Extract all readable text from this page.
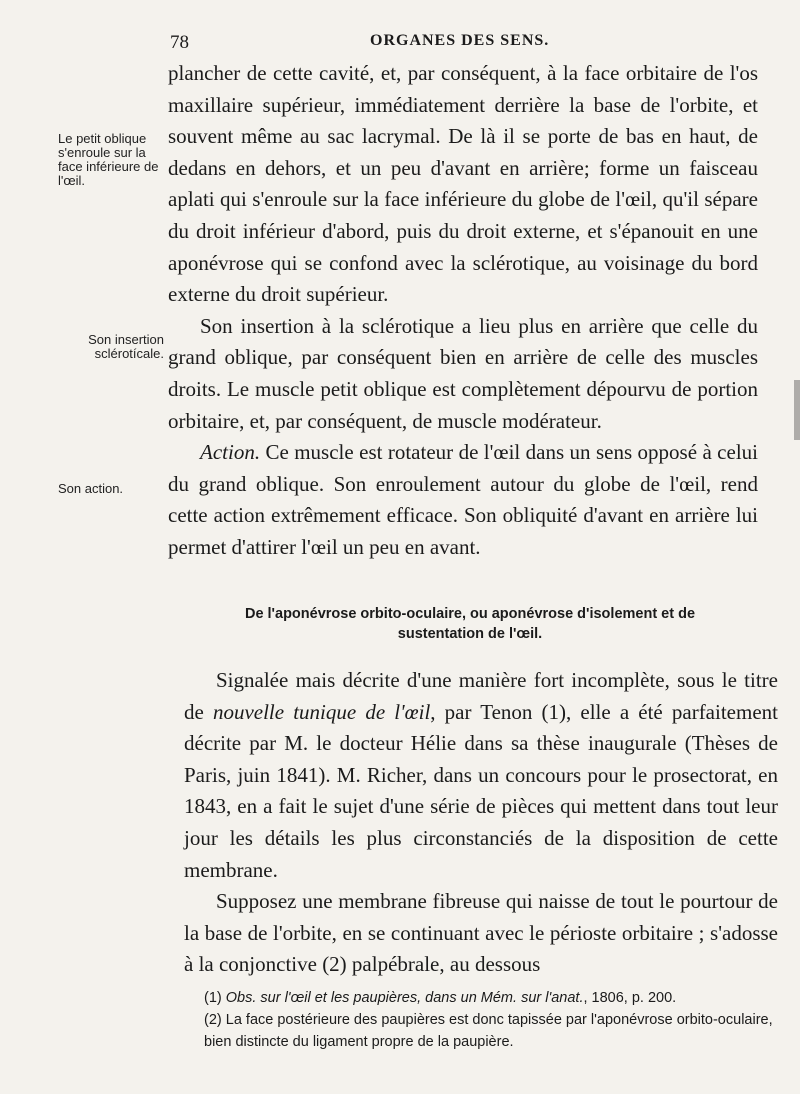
78	ORGANES DES SENS.
Le petit oblique s'enroule sur la face inférieure de l'œil.
Son insertion sclérotícale.
Son action.

plancher de cette cavité, et, par conséquent, à la face orbitaire de l'os maxillaire supérieur, immédiatement derrière la base de l'orbite, et souvent même au sac lacrymal. De là il se porte de bas en haut, de dedans en dehors, et un peu d'avant en arrière; forme un faisceau aplati qui s'enroule sur la face inférieure du globe de l'œil, qu'il sépare du droit inférieur d'abord, puis du droit externe, et s'épanouit en une aponévrose qui se confond avec la sclérotique, au voisinage du bord externe du droit supérieur.

Son insertion à la sclérotique a lieu plus en arrière que celle du grand oblique, par conséquent bien en arrière de celle des muscles droits. Le muscle petit oblique est complètement dépourvu de portion orbitaire, et, par conséquent, de muscle modérateur.

Action. Ce muscle est rotateur de l'œil dans un sens opposé à celui du grand oblique. Son enroulement autour du globe de l'œil, rend cette action extrêmement efficace. Son obliquité d'avant en arrière lui permet d'attirer l'œil un peu en avant.

De l'aponévrose orbito-oculaire, ou aponévrose d'isolement et de sustentation de l'œil.

Signalée mais décrite d'une manière fort incomplète, sous le titre de nouvelle tunique de l'œil, par Tenon (1), elle a été parfaitement décrite par M. le docteur Hélie dans sa thèse inaugurale (Thèses de Paris, juin 1841). M. Richer, dans un concours pour le prosectorat, en 1843, en a fait le sujet d'une série de pièces qui mettent dans tout leur jour les détails les plus circonstanciés de la disposition de cette membrane.

Supposez une membrane fibreuse qui naisse de tout le pourtour de la base de l'orbite, en se continuant avec le périoste orbitaire ; s'adosse à la conjonctive (2) palpébrale, au dessous

(1) Obs. sur l'œil et les paupières, dans un Mém. sur l'anat., 1806, p. 200.

(2) La face postérieure des paupières est donc tapissée par l'aponévrose orbito-oculaire, bien distincte du ligament propre de la paupière.
